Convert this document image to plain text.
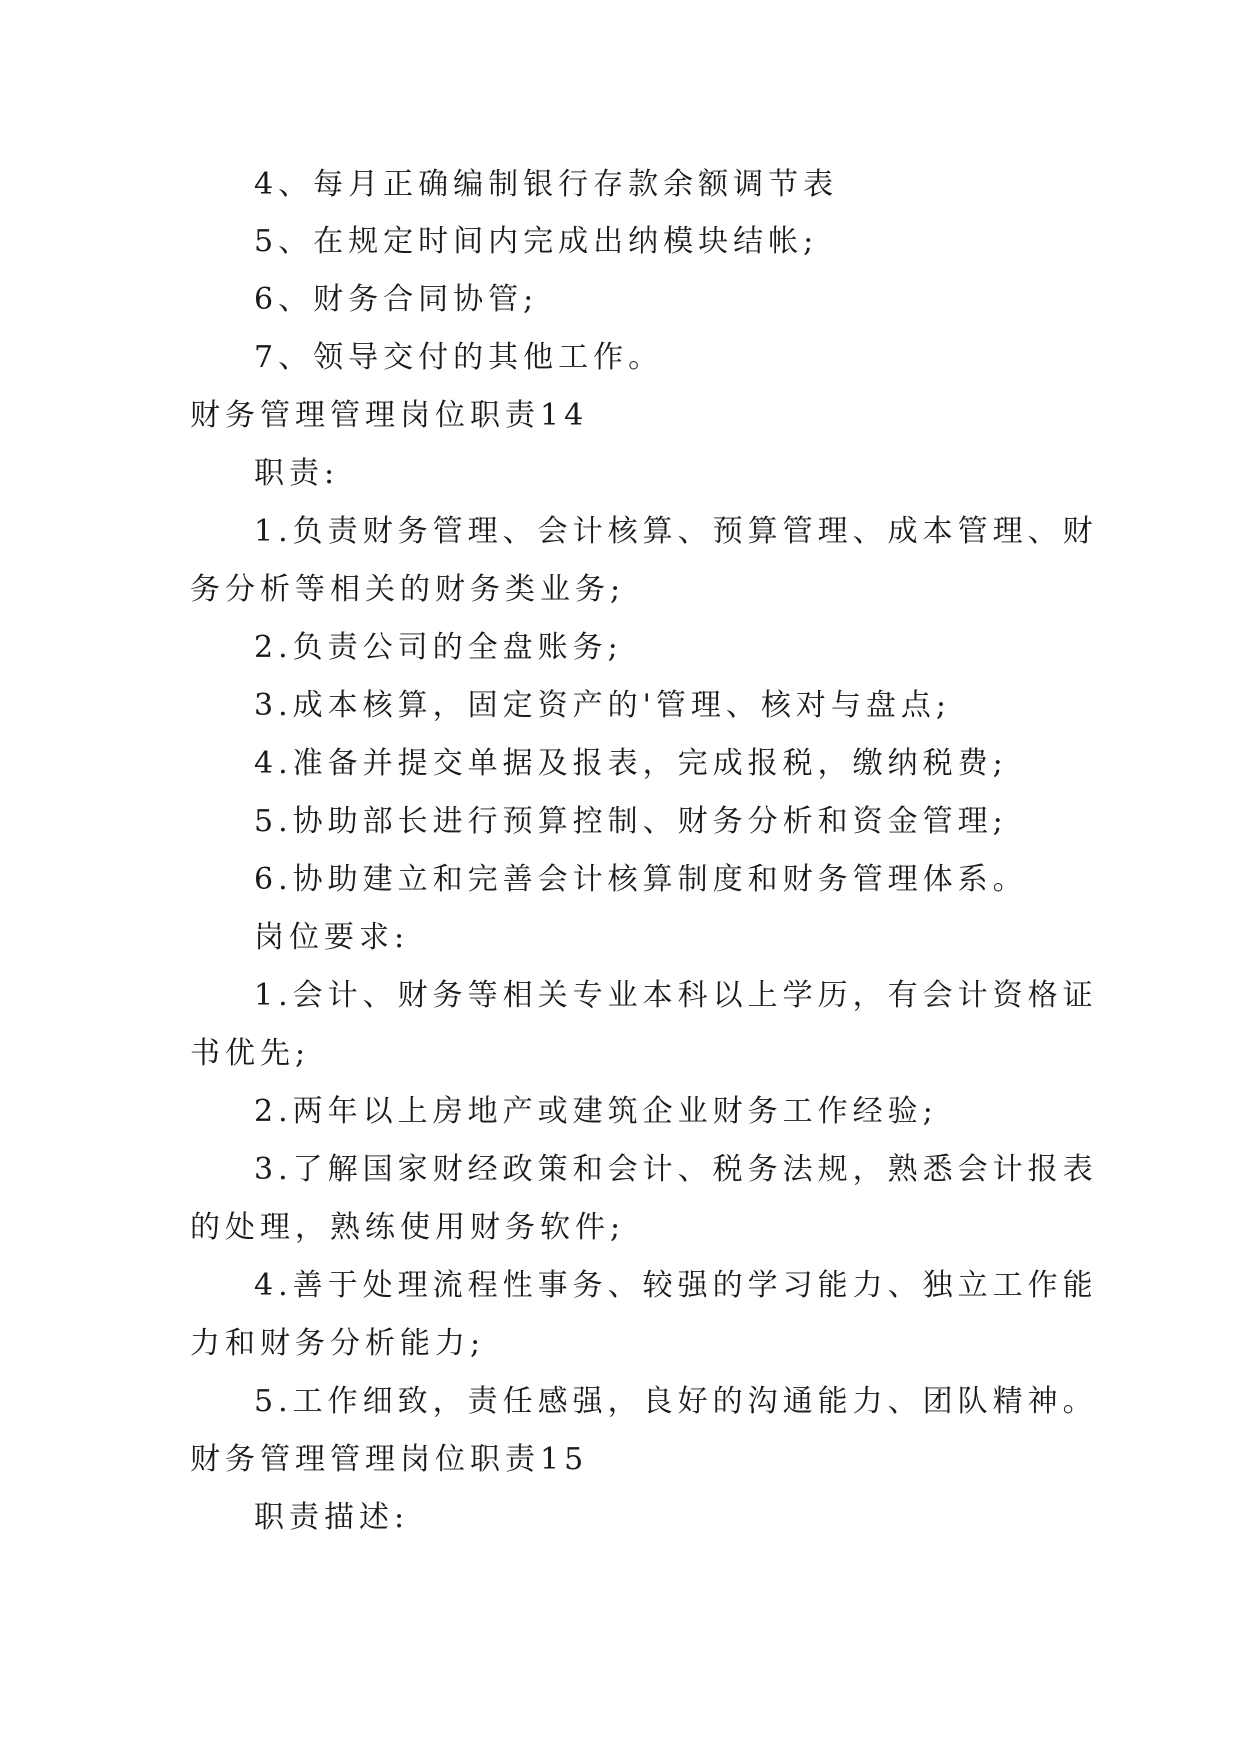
4、每月正确编制银行存款余额调节表
5、在规定时间内完成出纳模块结帐;
6、财务合同协管;
7、领导交付的其他工作。
财务管理管理岗位职责14
职责:
1.负责财务管理、会计核算、预算管理、成本管理、财
务分析等相关的财务类业务;
2.负责公司的全盘账务;
3.成本核算，固定资产的'管理、核对与盘点;
4.准备并提交单据及报表，完成报税，缴纳税费;
5.协助部长进行预算控制、财务分析和资金管理;
6.协助建立和完善会计核算制度和财务管理体系。
岗位要求:
1.会计、财务等相关专业本科以上学历，有会计资格证
书优先;
2.两年以上房地产或建筑企业财务工作经验;
3.了解国家财经政策和会计、税务法规，熟悉会计报表
的处理，熟练使用财务软件;
4.善于处理流程性事务、较强的学习能力、独立工作能
力和财务分析能力;
5.工作细致，责任感强，良好的沟通能力、团队精神。
财务管理管理岗位职责15
职责描述:
